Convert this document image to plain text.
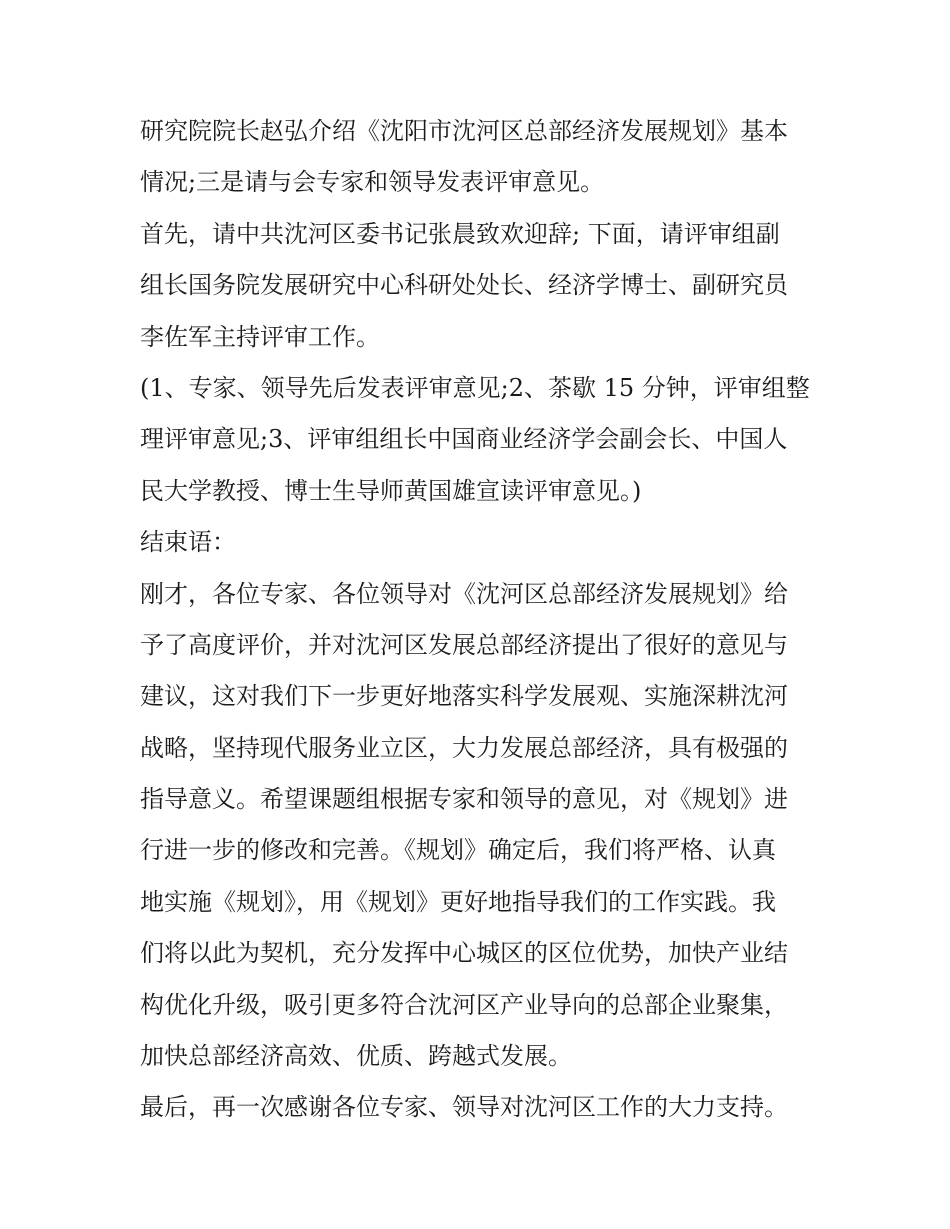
研究院院长赵弘介绍《沈阳市沈河区总部经济发展规划》基本
情况;三是请与会专家和领导发表评审意见。
首先，请中共沈河区委书记张晨致欢迎辞; 下面，请评审组副
组长国务院发展研究中心科研处处长、经济学博士、副研究员
李佐军主持评审工作。
(1、专家、领导先后发表评审意见;2、茶歇 15 分钟，评审组整
理评审意见;3、评审组组长中国商业经济学会副会长、中国人
民大学教授、博士生导师黄国雄宣读评审意见。)
结束语：
刚才，各位专家、各位领导对《沈河区总部经济发展规划》给
予了高度评价，并对沈河区发展总部经济提出了很好的意见与
建议，这对我们下一步更好地落实科学发展观、实施深耕沈河
战略，坚持现代服务业立区，大力发展总部经济，具有极强的
指导意义。希望课题组根据专家和领导的意见，对《规划》进
行进一步的修改和完善。《规划》确定后，我们将严格、认真
地实施《规划》，用《规划》更好地指导我们的工作实践。我
们将以此为契机，充分发挥中心城区的区位优势，加快产业结
构优化升级，吸引更多符合沈河区产业导向的总部企业聚集，
加快总部经济高效、优质、跨越式发展。
最后，再一次感谢各位专家、领导对沈河区工作的大力支持。
